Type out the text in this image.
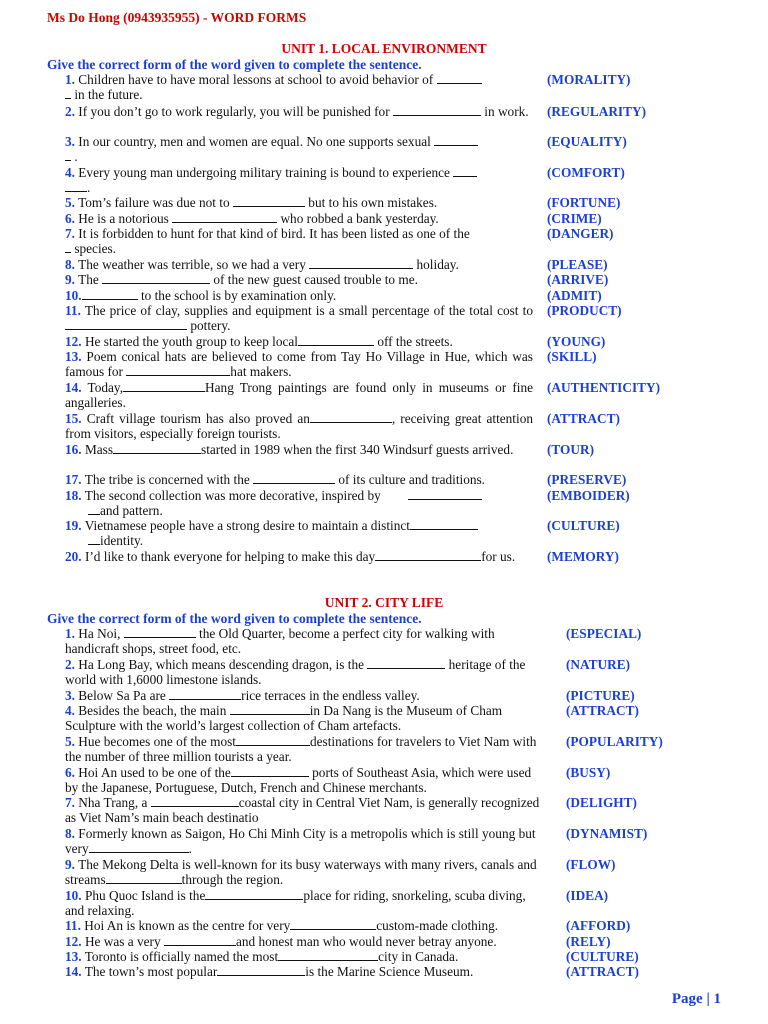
Ms Do Hong (0943935955) - WORD FORMS
UNIT 1. LOCAL ENVIRONMENT
Give the correct form of the word given to complete the sentence.
1. Children have to have moral lessons at school to avoid behavior of
in the future.
(MORALITY)
2. If you don’t go to work regularly, you will be punished for	in work.	(REGULARITY)
3. In our country, men and women are equal. No one supports sexual
.
(EQUALITY)
4. Every young man undergoing military training is bound to experience
.
(COMFORT)
5. Tom’s failure was due not to	but to his own mistakes.	(FORTUNE)
6. He is a notorious	who robbed a bank yesterday.	(CRIME)
7. It is forbidden to hunt for that kind of bird. It has been listed as one of the
species.
(DANGER)
8. The weather was terrible, so we had a very	holiday.	(PLEASE)
9. The	of the new guest caused trouble to me.	(ARRIVE)
10.	to the school is by examination only.	(ADMIT)
11. The price of clay, supplies and equipment is a small percentage of the total cost to pottery.
(PRODUCT)
12. He started the youth group to keep local	off the streets.	(YOUNG)
13. Poem conical hats are believed to come from Tay Ho Village in Hue, which was famous for	hat makers.
(SKILL)
14. Today,	Hang Trong paintings are found only in museums or fine angalleries.
(AUTHENTICITY)
15. Craft village tourism has also proved an	, receiving great attention from visitors, especially foreign tourists.
(ATTRACT)
16. Mass	started in 1989 when the first 340 Windsurf guests arrived.	(TOUR)
17. The tribe is concerned with the	of its culture and traditions.	(PRESERVE)
18. The second collection was more decorative, inspired by
and pattern.
(EMBOIDER)
19. Vietnamese people have a strong desire to maintain a distinct
identity.
(CULTURE)
20. I’d like to thank everyone for helping to make this day	for us.	(MEMORY)
UNIT 2. CITY LIFE
Give the correct form of the word given to complete the sentence.
1. Ha Noi,	the Old Quarter, become a perfect city for walking with handicraft shops, street food, etc.
(ESPECIAL)
2. Ha Long Bay, which means descending dragon, is the	heritage of the world with 1,6000 limestone islands.
(NATURE)
3. Below Sa Pa are	rice terraces in the endless valley.	(PICTURE)
4. Besides the beach, the main	in Da Nang is the Museum of Cham Sculpture with the world’s largest collection of Cham artefacts.
(ATTRACT)
5. Hue becomes one of the most	destinations for travelers to Viet Nam with the number of three million tourists a year.
(POPULARITY)
6. Hoi An used to be one of the	ports of Southeast Asia, which were used by the Japanese, Portuguese, Dutch, French and Chinese merchants.
(BUSY)
7. Nha Trang, a	coastal city in Central Viet Nam, is generally recognized as Viet Nam’s main beach destinatio
(DELIGHT)
8. Formerly known as Saigon, Ho Chi Minh City is a metropolis which is still young but very	.
(DYNAMIST)
9. The Mekong Delta is well-known for its busy waterways with many rivers, canals and streams	through the region.
(FLOW)
10. Phu Quoc Island is the	place for riding, snorkeling, scuba diving, and relaxing.
(IDEA)
11. Hoi An is known as the centre for very	custom-made clothing.	(AFFORD)
12. He was a very	and honest man who would never betray anyone.	(RELY)
13. Toronto is officially named the most	city in Canada.	(CULTURE)
14. The town’s most popular	is the Marine Science Museum.	(ATTRACT)
Page | 1
